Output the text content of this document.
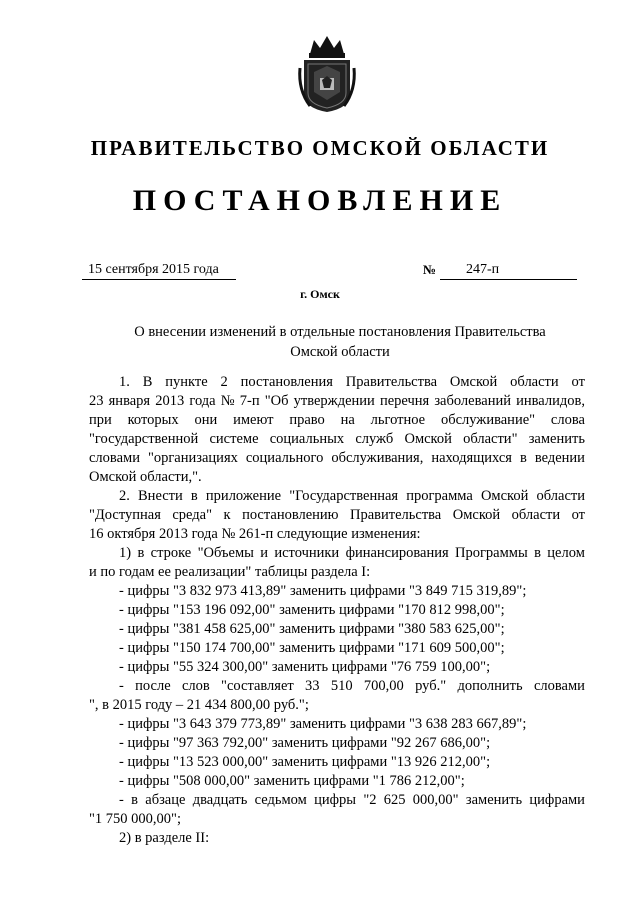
ПРАВИТЕЛЬСТВО ОМСКОЙ ОБЛАСТИ
ПОСТАНОВЛЕНИЕ
15 сентября 2015 года	№ 247-п
г. Омск
О внесении изменений в отдельные постановления Правительства
Омской области
1. В пункте 2 постановления Правительства Омской области от
23 января 2013 года № 7-п "Об утверждении перечня заболеваний инвалидов,
при которых они имеют право на льготное обслуживание" слова
"государственной системе социальных служб Омской области" заменить
словами "организациях социального обслуживания, находящихся в ведении
Омской области,".
2. Внести в приложение "Государственная программа Омской области
"Доступная среда" к постановлению Правительства Омской области от
16 октября 2013 года № 261-п следующие изменения:
1) в строке "Объемы и источники финансирования Программы в целом
и по годам ее реализации" таблицы раздела I:
- цифры "3 832 973 413,89" заменить цифрами "3 849 715 319,89";
- цифры "153 196 092,00" заменить цифрами "170 812 998,00";
- цифры "381 458 625,00" заменить цифрами "380 583 625,00";
- цифры "150 174 700,00" заменить цифрами "171 609 500,00";
- цифры "55 324 300,00" заменить цифрами "76 759 100,00";
- после слов "составляет 33 510 700,00 руб." дополнить словами
", в 2015 году – 21 434 800,00 руб.";
- цифры "3 643 379 773,89" заменить цифрами "3 638 283 667,89";
- цифры "97 363 792,00" заменить цифрами "92 267 686,00";
- цифры "13 523 000,00" заменить цифрами "13 926 212,00";
- цифры "508 000,00" заменить цифрами "1 786 212,00";
- в абзаце двадцать седьмом цифры "2 625 000,00" заменить цифрами
"1 750 000,00";
2) в разделе II:
